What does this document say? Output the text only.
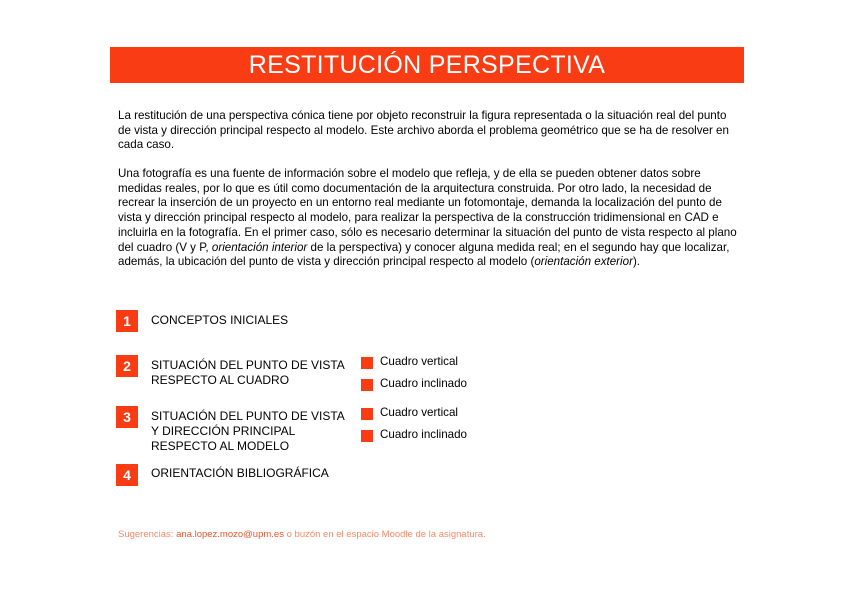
RESTITUCIÓN PERSPECTIVA

La restitución de una perspectiva cónica tiene por objeto reconstruir la figura representada o la situación real del punto de vista y dirección principal respecto al modelo. Este archivo aborda el problema geométrico que se ha de resolver en cada caso.

Una fotografía es una fuente de información sobre el modelo que refleja, y de ella se pueden obtener datos sobre medidas reales, por lo que es útil como documentación de la arquitectura construida. Por otro lado, la necesidad de recrear la inserción de un proyecto en un entorno real mediante un fotomontaje, demanda la localización del punto de vista y dirección principal respecto al modelo, para realizar la perspectiva de la construcción tridimensional en CAD e incluirla en la fotografía. En el primer caso, sólo es necesario determinar la situación del punto de vista respecto al plano del cuadro (V y P, orientación interior de la perspectiva) y conocer alguna medida real; en el segundo hay que localizar, además, la ubicación del punto de vista y dirección principal respecto al modelo (orientación exterior).

1	CONCEPTOS INICIALES
2	SITUACIÓN DEL PUNTO DE VISTA RESPECTO AL CUADRO
Cuadro vertical
Cuadro inclinado
3	SITUACIÓN DEL PUNTO DE VISTA Y DIRECCIÓN PRINCIPAL RESPECTO AL MODELO
Cuadro vertical
Cuadro inclinado
4	ORIENTACIÓN BIBLIOGRÁFICA
Sugerencias: ana.lopez.mozo@upm.es o buzón en el espacio Moodle de la asignatura.
